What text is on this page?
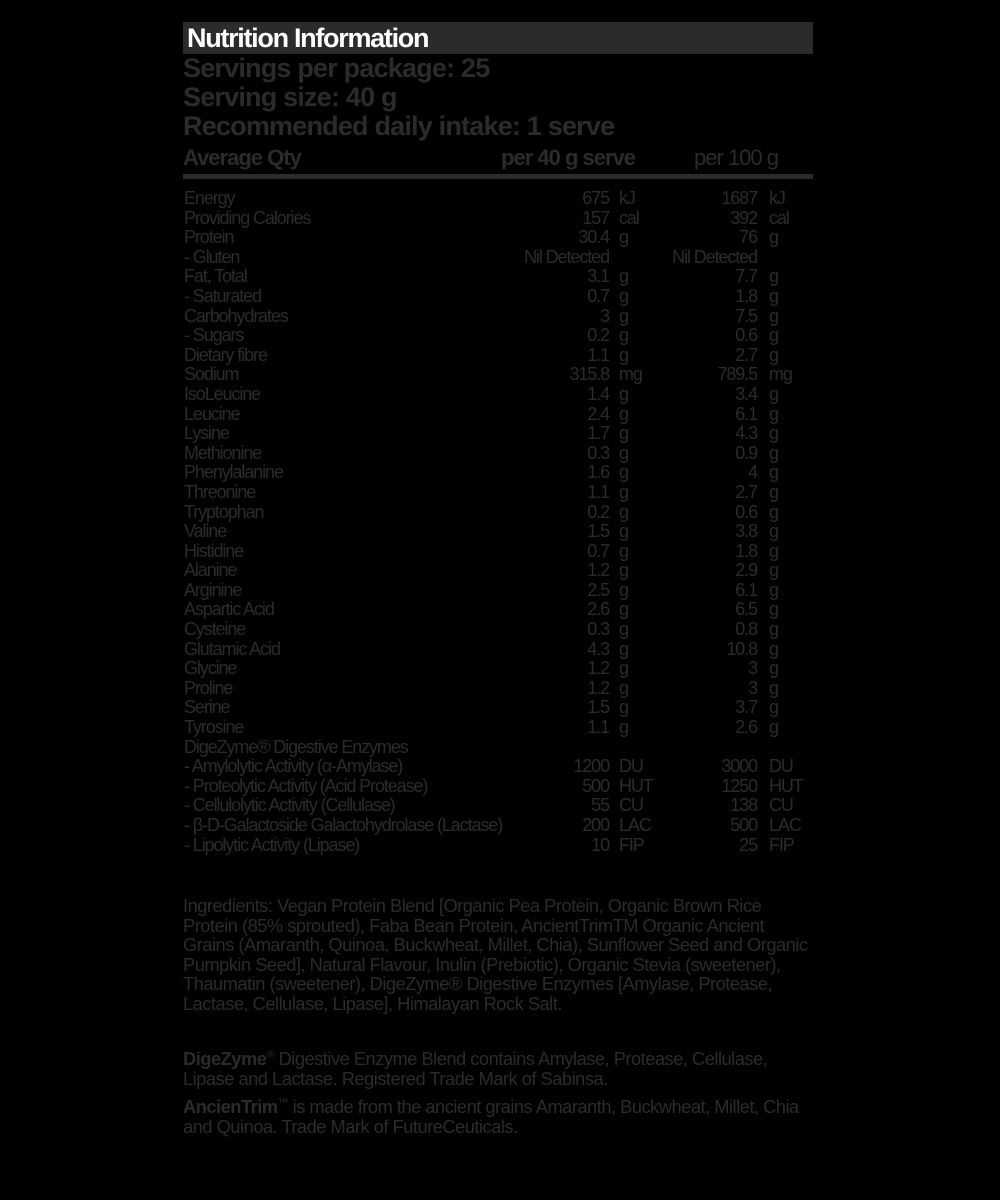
Nutrition Information
Servings per package: 25
Serving size: 40 g
Recommended daily intake: 1 serve
Average Qty	per 40 g serve	per 100 g
Energy	675 kJ	1687 kJ
Providing Calories	157 cal	392 cal
Protein	30.4 g	76 g
- Gluten	Nil Detected	Nil Detected
Fat, Total	3.1 g	7.7 g
- Saturated	0.7 g	1.8 g
Carbohydrates	3 g	7.5 g
- Sugars	0.2 g	0.6 g
Dietary fibre	1.1 g	2.7 g
Sodium	315.8 mg	789.5 mg
IsoLeucine	1.4 g	3.4 g
Leucine	2.4 g	6.1 g
Lysine	1.7 g	4.3 g
Methionine	0.3 g	0.9 g
Phenylalanine	1.6 g	4 g
Threonine	1.1 g	2.7 g
Tryptophan	0.2 g	0.6 g
Valine	1.5 g	3.8 g
Histidine	0.7 g	1.8 g
Alanine	1.2 g	2.9 g
Arginine	2.5 g	6.1 g
Aspartic Acid	2.6 g	6.5 g
Cysteine	0.3 g	0.8 g
Glutamic Acid	4.3 g	10.8 g
Glycine	1.2 g	3 g
Proline	1.2 g	3 g
Serine	1.5 g	3.7 g
Tyrosine	1.1 g	2.6 g
DigeZyme® Digestive Enzymes
- Amylolytic Activity (α-Amylase)	1200 DU	3000 DU
- Proteolytic Activity (Acid Protease)	500 HUT	1250 HUT
- Cellulolytic Activity (Cellulase)	55 CU	138 CU
- β-D-Galactoside Galactohydrolase (Lactase)	200 LAC	500 LAC
- Lipolytic Activity (Lipase)	10 FIP	25 FIP
Ingredients: Vegan Protein Blend [Organic Pea Protein, Organic Brown Rice Protein (85% sprouted), Faba Bean Protein, AncientTrimTM Organic Ancient Grains (Amaranth, Quinoa, Buckwheat, Millet, Chia), Sunflower Seed and Organic Pumpkin Seed], Natural Flavour, Inulin (Prebiotic), Organic Stevia (sweetener), Thaumatin (sweetener), DigeZyme® Digestive Enzymes [Amylase, Protease, Lactase, Cellulase, Lipase], Himalayan Rock Salt.
DigeZyme® Digestive Enzyme Blend contains Amylase, Protease, Cellulase, Lipase and Lactase. Registered Trade Mark of Sabinsa.
AncienTrim™ is made from the ancient grains Amaranth, Buckwheat, Millet, Chia and Quinoa. Trade Mark of FutureCeuticals.
